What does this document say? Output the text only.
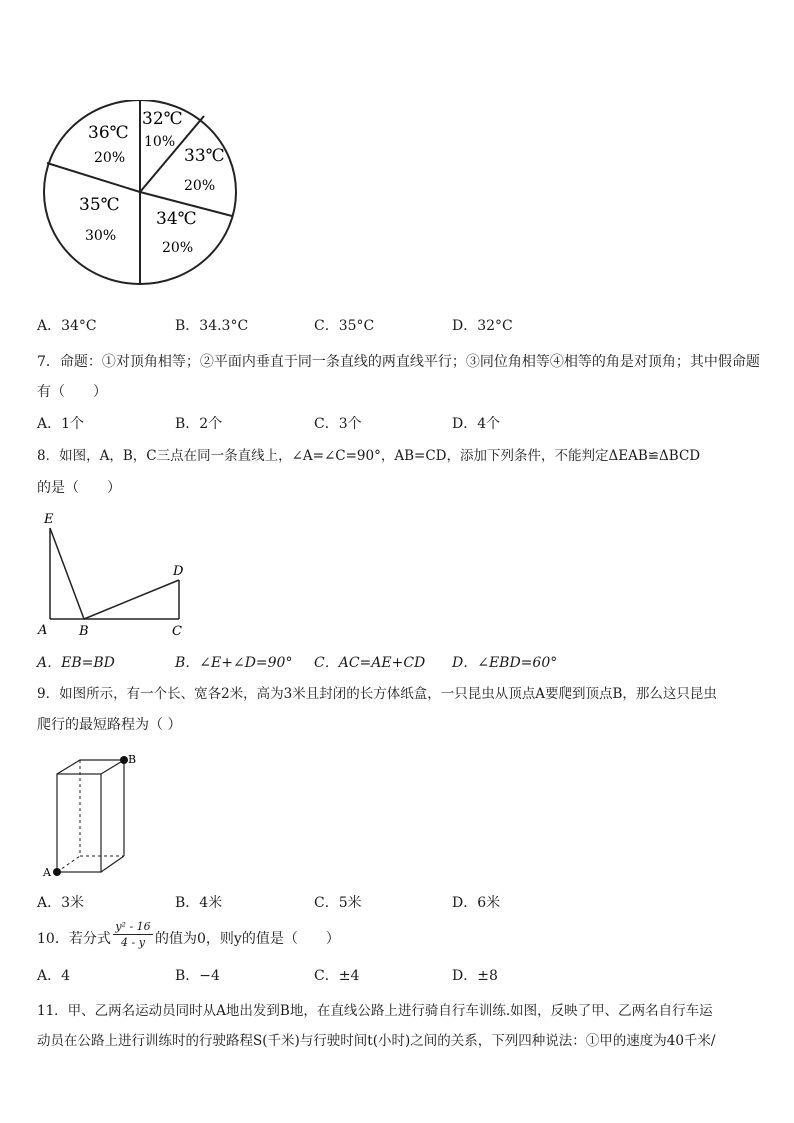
36℃
20%
32℃
10%
33℃
20%
34℃
20%
35℃
30%
A．34°C	B．34.3°C	C．35°C	D．32°C
7．命题：①对顶角相等；②平面内垂直于同一条直线的两直线平行；③同位角相等④相等的角是对顶角；其中假命题
有（　　）
A．1个	B．2个	C．3个	D．4个
8．如图，A，B，C三点在同一条直线上，∠A=∠C=90°，AB=CD，添加下列条件，不能判定ΔEAB≌ΔBCD
的是（　　）
E
A B	C
D
A．EB=BD	B．∠E+∠D=90° C．AC=AE+CD D．∠EBD=60°
9．如图所示，有一个长、宽各2米，高为3米且封闭的长方体纸盒，一只昆虫从顶点A要爬到顶点B，那么这只昆虫
爬行的最短路程为（ ）
A
B
A．3米	B．4米	C．5米	D．6米
10．若分式 $\frac{\text{y² - 16}}{4 - y}$ 的值为0，则y的值是（　　）
A．4	B．−4	C．±4	D．±8
11．甲、乙两名运动员同时从A地出发到B地，在直线公路上进行骑自行车训练.如图，反映了甲、乙两名自行车运
动员在公路上进行训练时的行驶路程S(千米)与行驶时间t(小时)之间的关系，下列四种说法：①甲的速度为40千米/
